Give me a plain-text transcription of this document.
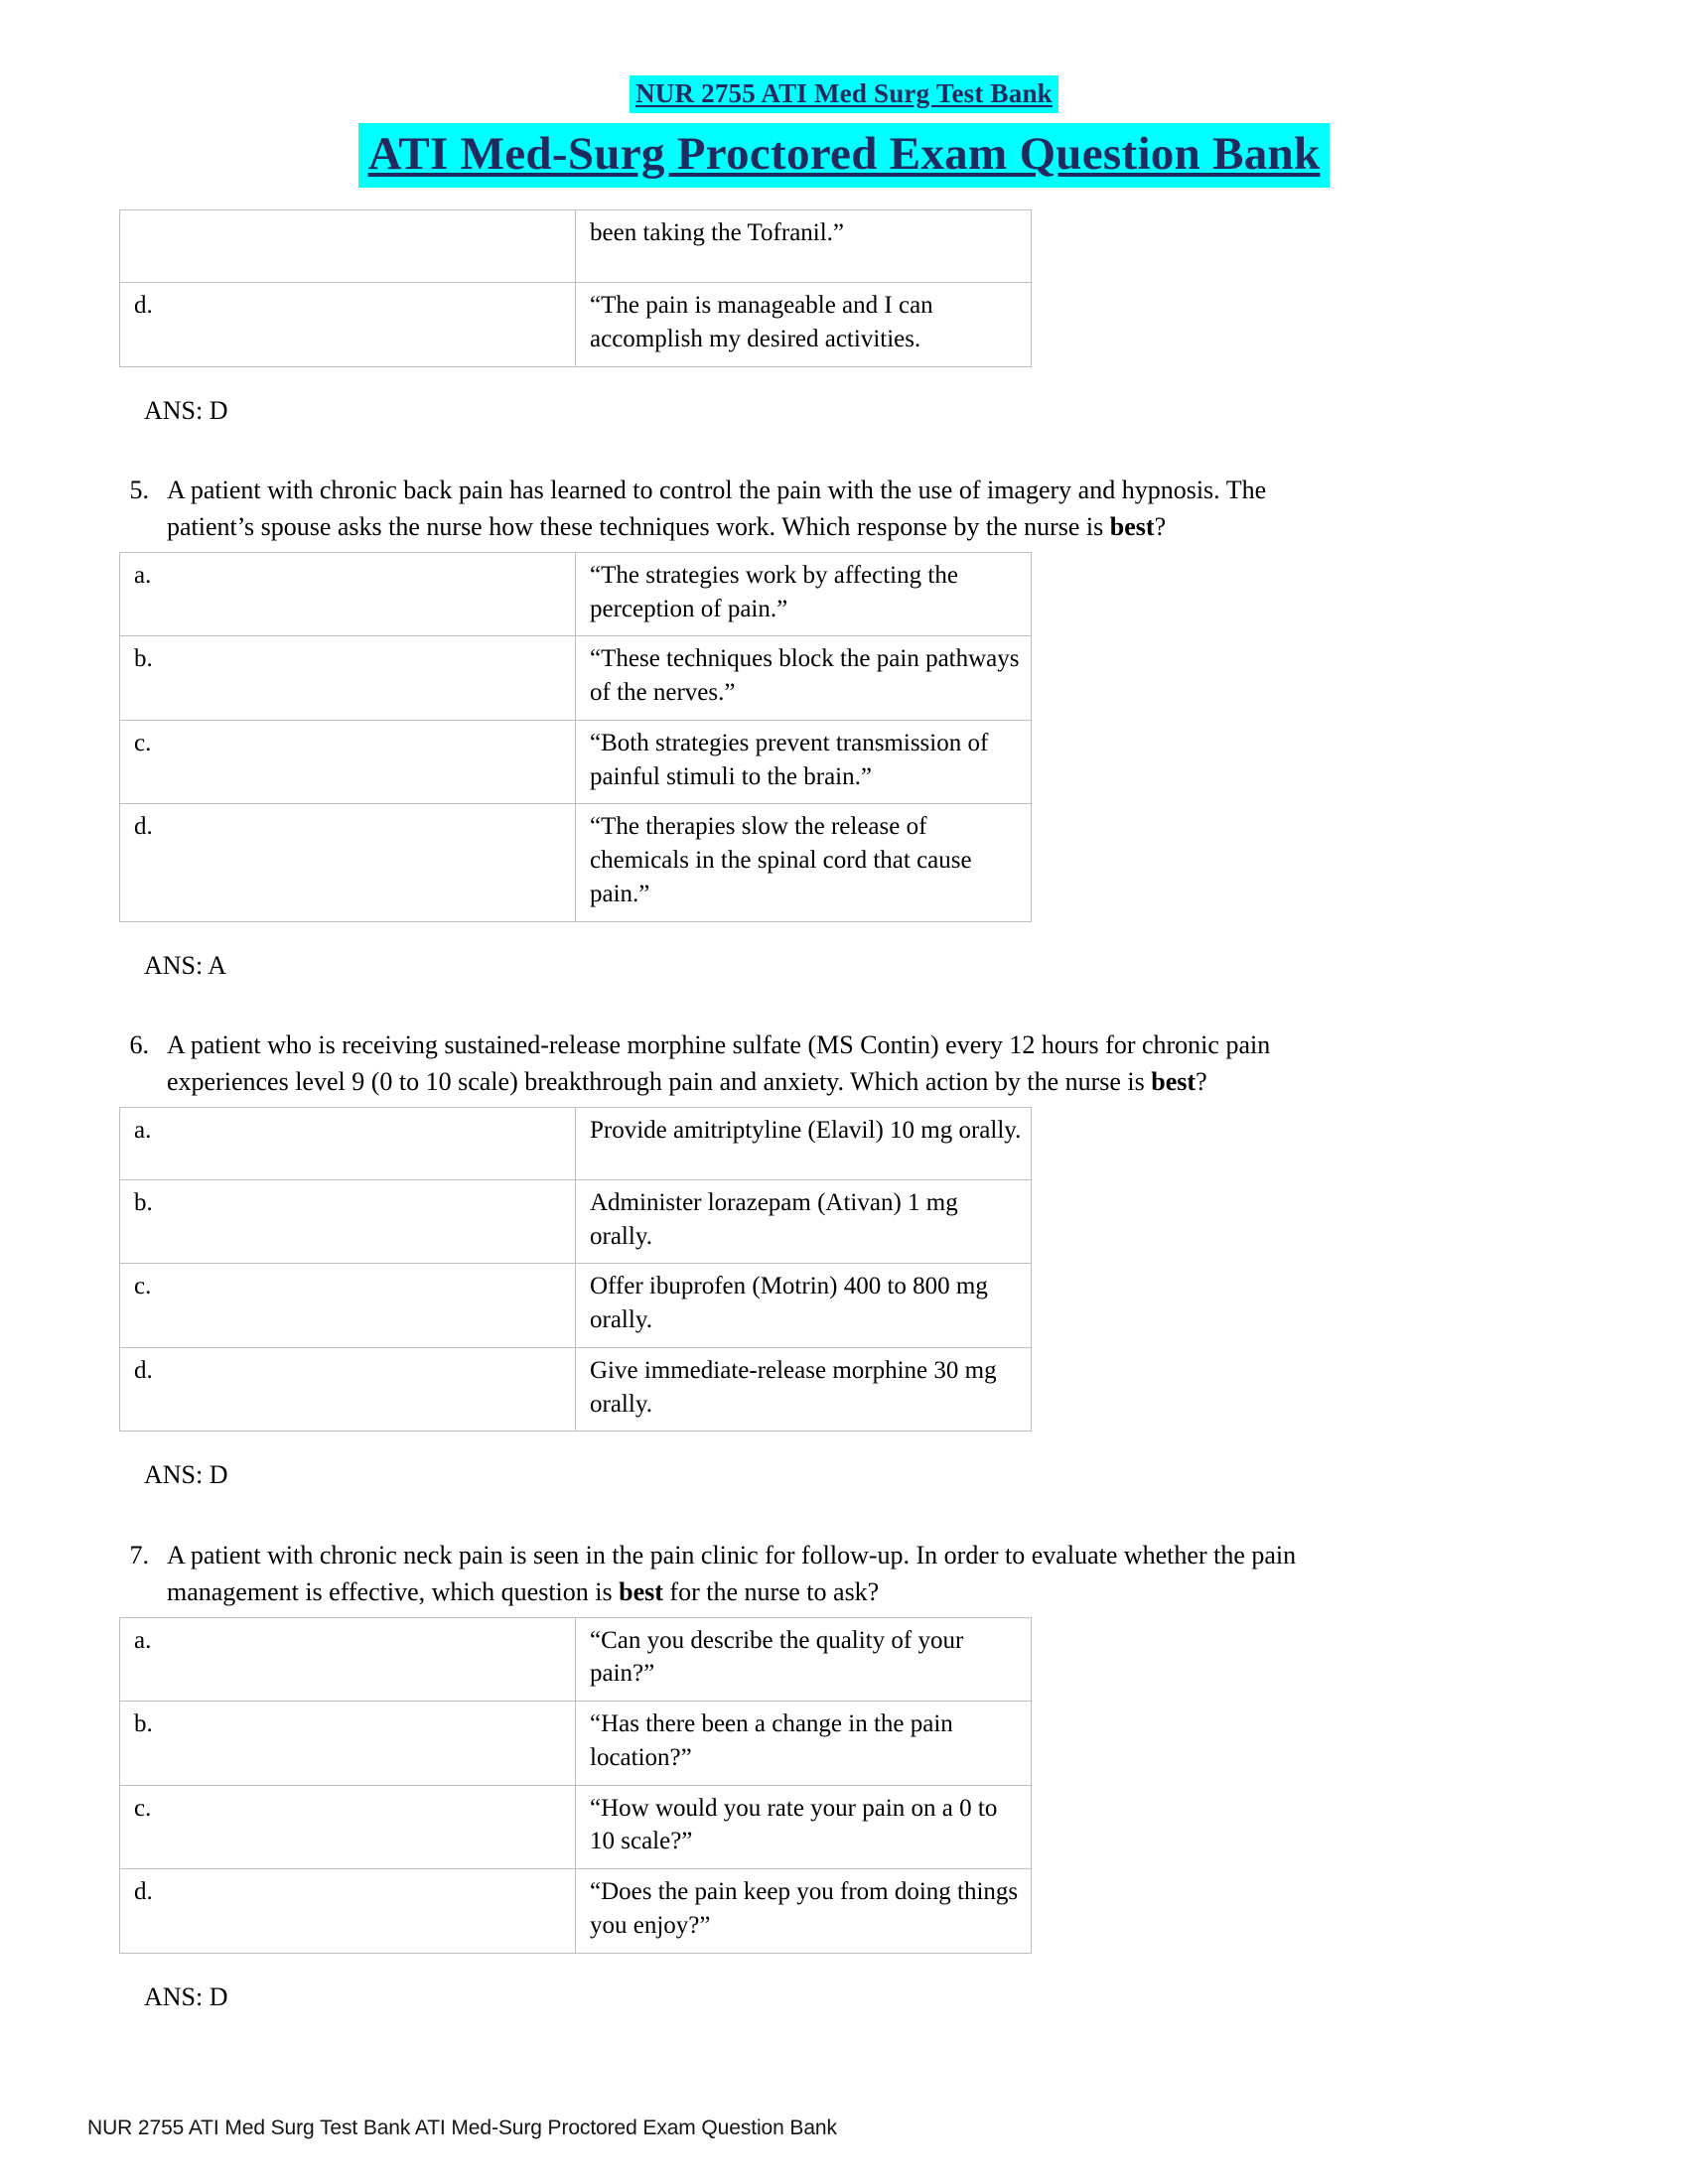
NUR 2755 ATI Med Surg Test Bank
ATI Med-Surg Proctored Exam Question Bank
	been taking the Tofranil.”
d.	“The pain is manageable and I can accomplish my desired activities.
ANS: D
5. A patient with chronic back pain has learned to control the pain with the use of imagery and hypnosis. The patient’s spouse asks the nurse how these techniques work. Which response by the nurse is best?
a.	“The strategies work by affecting the perception of pain.”
b.	“These techniques block the pain pathways of the nerves.”
c.	“Both strategies prevent transmission of painful stimuli to the brain.”
d.	“The therapies slow the release of chemicals in the spinal cord that cause pain.”
ANS: A
6. A patient who is receiving sustained-release morphine sulfate (MS Contin) every 12 hours for chronic pain experiences level 9 (0 to 10 scale) breakthrough pain and anxiety. Which action by the nurse is best?
a.	Provide amitriptyline (Elavil) 10 mg orally.
b.	Administer lorazepam (Ativan) 1 mg orally.
c.	Offer ibuprofen (Motrin) 400 to 800 mg orally.
d.	Give immediate-release morphine 30 mg orally.
ANS: D
7. A patient with chronic neck pain is seen in the pain clinic for follow-up. In order to evaluate whether the pain management is effective, which question is best for the nurse to ask?
a.	“Can you describe the quality of your pain?”
b.	“Has there been a change in the pain location?”
c.	“How would you rate your pain on a 0 to 10 scale?”
d.	“Does the pain keep you from doing things you enjoy?”
ANS: D
NUR 2755 ATI Med Surg Test Bank ATI Med-Surg Proctored Exam Question Bank
